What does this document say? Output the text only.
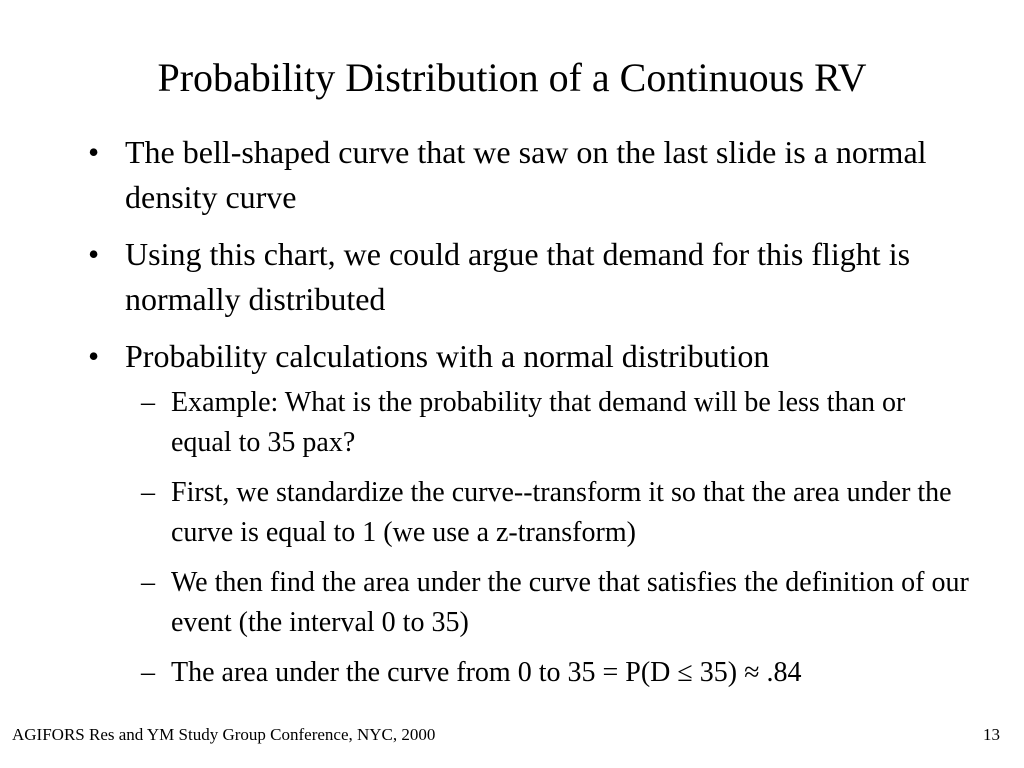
Probability Distribution of a Continuous RV
• The bell-shaped curve that we saw on the last slide is a normal density curve
• Using this chart, we could argue that demand for this flight is normally distributed
• Probability calculations with a normal distribution
– Example: What is the probability that demand will be less than or equal to 35 pax?
– First, we standardize the curve--transform it so that the area under the curve is equal to 1 (we use a z-transform)
– We then find the area under the curve that satisfies the definition of our event (the interval 0 to 35)
– The area under the curve from 0 to 35 = P(D ≤ 35) ≈ .84
AGIFORS Res and YM Study Group Conference, NYC, 2000	13
